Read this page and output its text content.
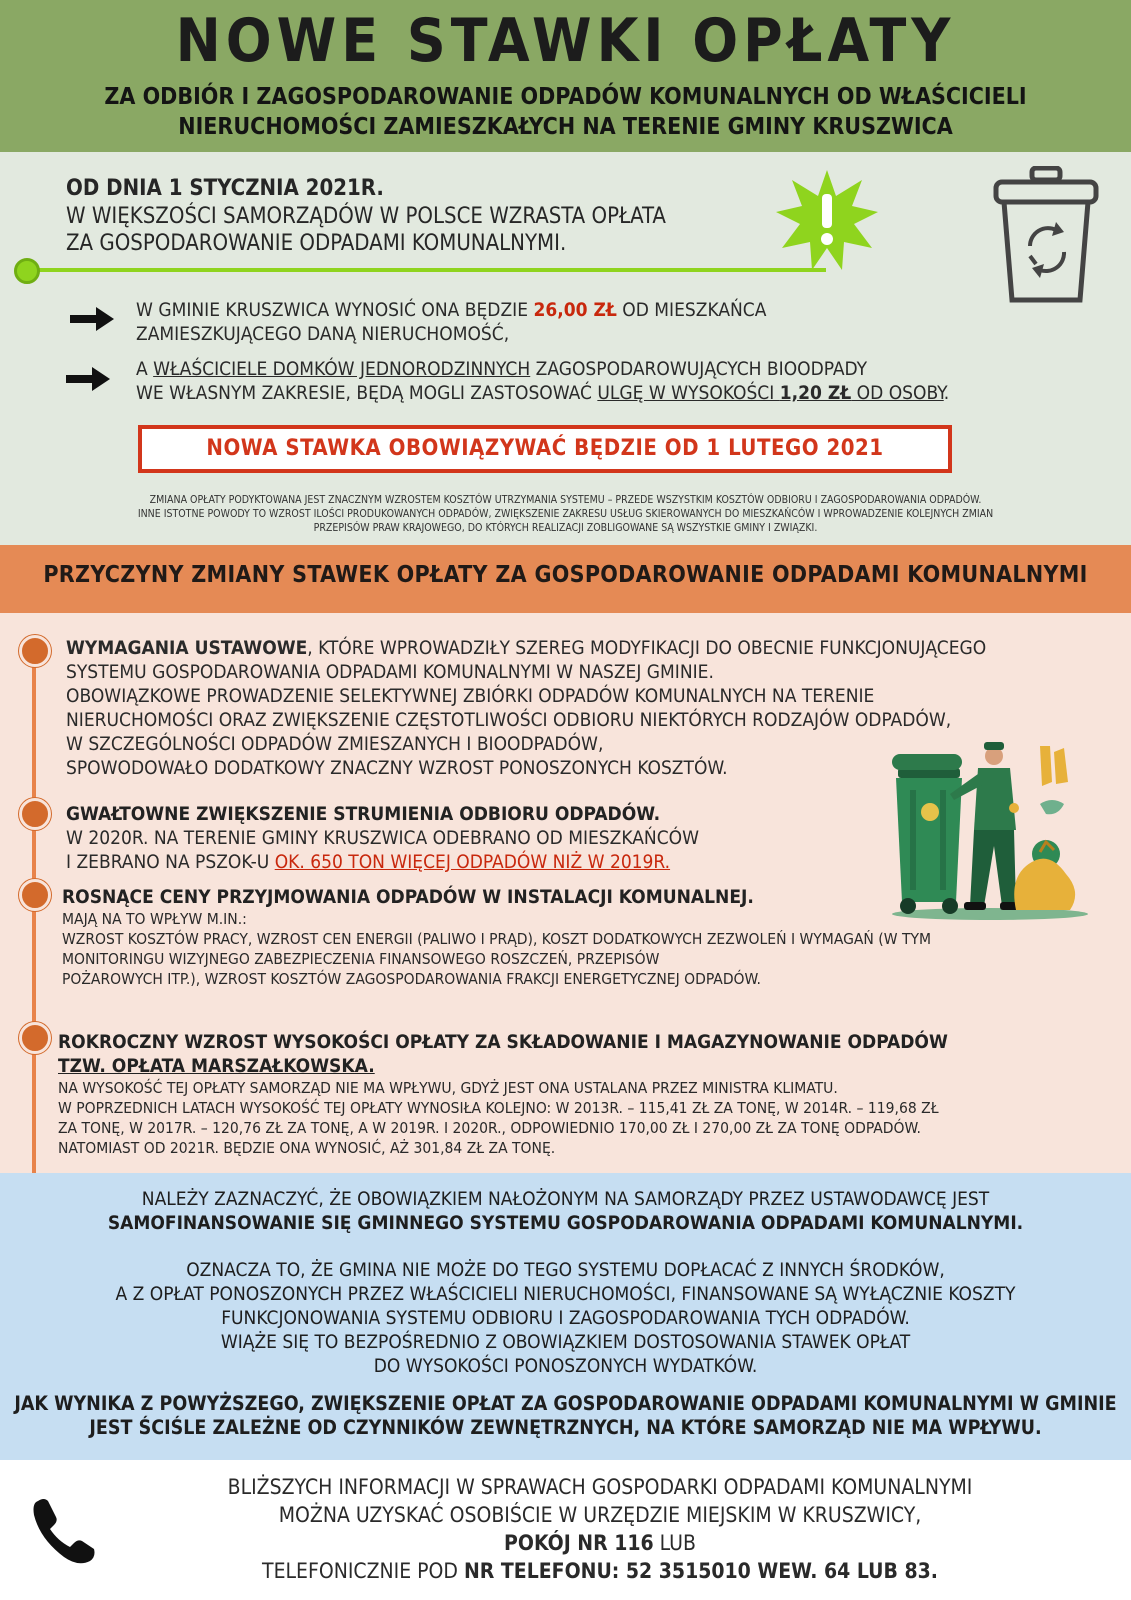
NOWE STAWKI OPŁATY
ZA ODBIÓR I ZAGOSPODAROWANIE ODPADÓW KOMUNALNYCH OD WŁAŚCICIELI
NIERUCHOMOŚCI ZAMIESZKAŁYCH NA TERENIE GMINY KRUSZWICA
OD DNIA 1 STYCZNIA 2021R.
W WIĘKSZOŚCI SAMORZĄDÓW W POLSCE WZRASTA OPŁATA
ZA GOSPODAROWANIE ODPADAMI KOMUNALNYMI.
W GMINIE KRUSZWICA WYNOSIĆ ONA BĘDZIE 26,00 ZŁ OD MIESZKAŃCA
ZAMIESZKUJĄCEGO DANĄ NIERUCHOMOŚĆ,
A WŁAŚCICIELE DOMKÓW JEDNORODZINNYCH ZAGOSPODAROWUJĄCYCH BIOODPADY
WE WŁASNYM ZAKRESIE, BĘDĄ MOGLI ZASTOSOWAĆ ULGĘ W WYSOKOŚCI 1,20 ZŁ OD OSOBY.
NOWA STAWKA OBOWIĄZYWAĆ BĘDZIE OD 1 LUTEGO 2021
ZMIANA OPŁATY PODYKTOWANA JEST ZNACZNYM WZROSTEM KOSZTÓW UTRZYMANIA SYSTEMU – PRZEDE WSZYSTKIM KOSZTÓW ODBIORU I ZAGOSPODAROWANIA ODPADÓW.
INNE ISTOTNE POWODY TO WZROST ILOŚCI PRODUKOWANYCH ODPADÓW, ZWIĘKSZENIE ZAKRESU USŁUG SKIEROWANYCH DO MIESZKAŃCÓW I WPROWADZENIE KOLEJNYCH ZMIAN
PRZEPISÓW PRAW KRAJOWEGO, DO KTÓRYCH REALIZACJI ZOBLIGOWANE SĄ WSZYSTKIE GMINY I ZWIĄZKI.
PRZYCZYNY ZMIANY STAWEK OPŁATY ZA GOSPODAROWANIE ODPADAMI KOMUNALNYMI
WYMAGANIA USTAWOWE, KTÓRE WPROWADZIŁY SZEREG MODYFIKACJI DO OBECNIE FUNKCJONUJĄCEGO
SYSTEMU GOSPODAROWANIA ODPADAMI KOMUNALNYMI W NASZEJ GMINIE.
OBOWIĄZKOWE PROWADZENIE SELEKTYWNEJ ZBIÓRKI ODPADÓW KOMUNALNYCH NA TERENIE
NIERUCHOMOŚCI ORAZ ZWIĘKSZENIE CZĘSTOTLIWOŚCI ODBIORU NIEKTÓRYCH RODZAJÓW ODPADÓW,
W SZCZEGÓLNOŚCI ODPADÓW ZMIESZANYCH I BIOODPADÓW,
SPOWODOWAŁO DODATKOWY ZNACZNY WZROST PONOSZONYCH KOSZTÓW.
GWAŁTOWNE ZWIĘKSZENIE STRUMIENIA ODBIORU ODPADÓW.
W 2020R. NA TERENIE GMINY KRUSZWICA ODEBRANO OD MIESZKAŃCÓW
I ZEBRANO NA PSZOK-U OK. 650 TON WIĘCEJ ODPADÓW NIŻ W 2019R.
ROSNĄCE CENY PRZYJMOWANIA ODPADÓW W INSTALACJI KOMUNALNEJ.
MAJĄ NA TO WPŁYW M.IN.:
WZROST KOSZTÓW PRACY, WZROST CEN ENERGII (PALIWO I PRĄD), KOSZT DODATKOWYCH ZEZWOLEŃ I WYMAGAŃ (W TYM
MONITORINGU WIZYJNEGO ZABEZPIECZENIA FINANSOWEGO ROSZCZEŃ, PRZEPISÓW
POŻAROWYCH ITP.), WZROST KOSZTÓW ZAGOSPODAROWANIA FRAKCJI ENERGETYCZNEJ ODPADÓW.
ROKROCZNY WZROST WYSOKOŚCI OPŁATY ZA SKŁADOWANIE I MAGAZYNOWANIE ODPADÓW
TZW. OPŁATA MARSZAŁKOWSKA.
NA WYSOKOŚĆ TEJ OPŁATY SAMORZĄD NIE MA WPŁYWU, GDYŻ JEST ONA USTALANA PRZEZ MINISTRA KLIMATU.
W POPRZEDNICH LATACH WYSOKOŚĆ TEJ OPŁATY WYNOSIŁA KOLEJNO: W 2013R. – 115,41 ZŁ ZA TONĘ, W 2014R. – 119,68 ZŁ
ZA TONĘ, W 2017R. – 120,76 ZŁ ZA TONĘ, A W 2019R. I 2020R., ODPOWIEDNIO 170,00 ZŁ I 270,00 ZŁ ZA TONĘ ODPADÓW.
NATOMIAST OD 2021R. BĘDZIE ONA WYNOSIĆ, AŻ 301,84 ZŁ ZA TONĘ.
NALEŻY ZAZNACZYĆ, ŻE OBOWIĄZKIEM NAŁOŻONYM NA SAMORZĄDY PRZEZ USTAWODAWCĘ JEST
SAMOFINANSOWANIE SIĘ GMINNEGO SYSTEMU GOSPODAROWANIA ODPADAMI KOMUNALNYMI.
OZNACZA TO, ŻE GMINA NIE MOŻE DO TEGO SYSTEMU DOPŁACAĆ Z INNYCH ŚRODKÓW,
A Z OPŁAT PONOSZONYCH PRZEZ WŁAŚCICIELI NIERUCHOMOŚCI, FINANSOWANE SĄ WYŁĄCZNIE KOSZTY
FUNKCJONOWANIA SYSTEMU ODBIORU I ZAGOSPODAROWANIA TYCH ODPADÓW.
WIĄŻE SIĘ TO BEZPOŚREDNIO Z OBOWIĄZKIEM DOSTOSOWANIA STAWEK OPŁAT
DO WYSOKOŚCI PONOSZONYCH WYDATKÓW.
JAK WYNIKA Z POWYŻSZEGO, ZWIĘKSZENIE OPŁAT ZA GOSPODAROWANIE ODPADAMI KOMUNALNYMI W GMINIE
JEST ŚCIŚLE ZALEŻNE OD CZYNNIKÓW ZEWNĘTRZNYCH, NA KTÓRE SAMORZĄD NIE MA WPŁYWU.
BLIŻSZYCH INFORMACJI W SPRAWACH GOSPODARKI ODPADAMI KOMUNALNYMI
MOŻNA UZYSKAĆ OSOBIŚCIE W URZĘDZIE MIEJSKIM W KRUSZWICY,
POKÓJ NR 116 LUB
TELEFONICZNIE POD NR TELEFONU: 52 3515010 WEW. 64 LUB 83.
